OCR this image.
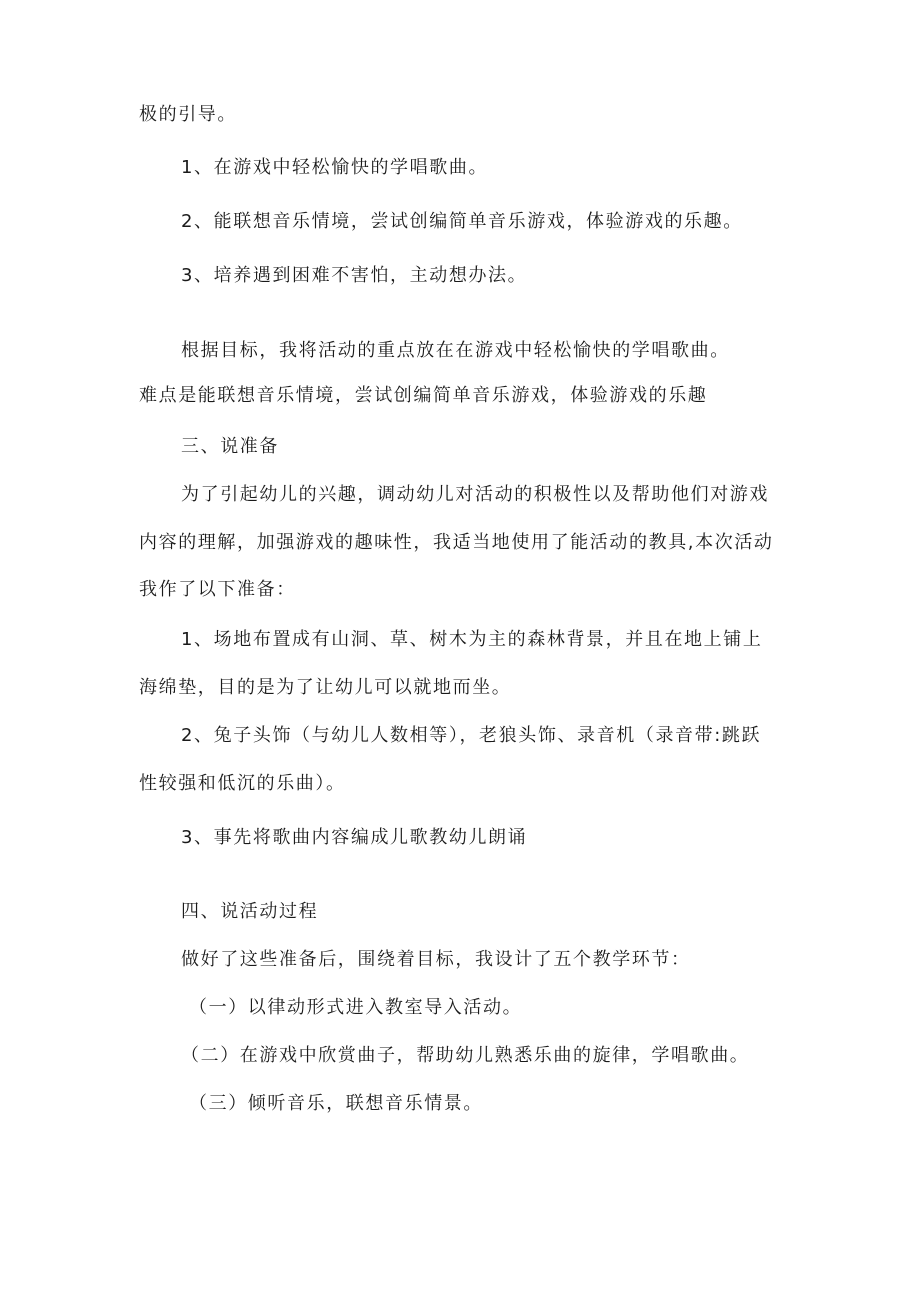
极的引导。

1、在游戏中轻松愉快的学唱歌曲。

2、能联想音乐情境，尝试创编简单音乐游戏，体验游戏的乐趣。

3、培养遇到困难不害怕，主动想办法。

根据目标，我将活动的重点放在在游戏中轻松愉快的学唱歌曲。

难点是能联想音乐情境，尝试创编简单音乐游戏，体验游戏的乐趣

三、说准备

为了引起幼儿的兴趣，调动幼儿对活动的积极性以及帮助他们对游戏

内容的理解，加强游戏的趣味性，我适当地使用了能活动的教具,本次活动

我作了以下准备：

1、场地布置成有山洞、草、树木为主的森林背景，并且在地上铺上

海绵垫，目的是为了让幼儿可以就地而坐。

2、兔子头饰（与幼儿人数相等），老狼头饰、录音机（录音带:跳跃

性较强和低沉的乐曲）。

3、事先将歌曲内容编成儿歌教幼儿朗诵

四、说活动过程

做好了这些准备后，围绕着目标，我设计了五个教学环节：

（一）以律动形式进入教室导入活动。

（二）在游戏中欣赏曲子，帮助幼儿熟悉乐曲的旋律，学唱歌曲。

（三）倾听音乐，联想音乐情景。
